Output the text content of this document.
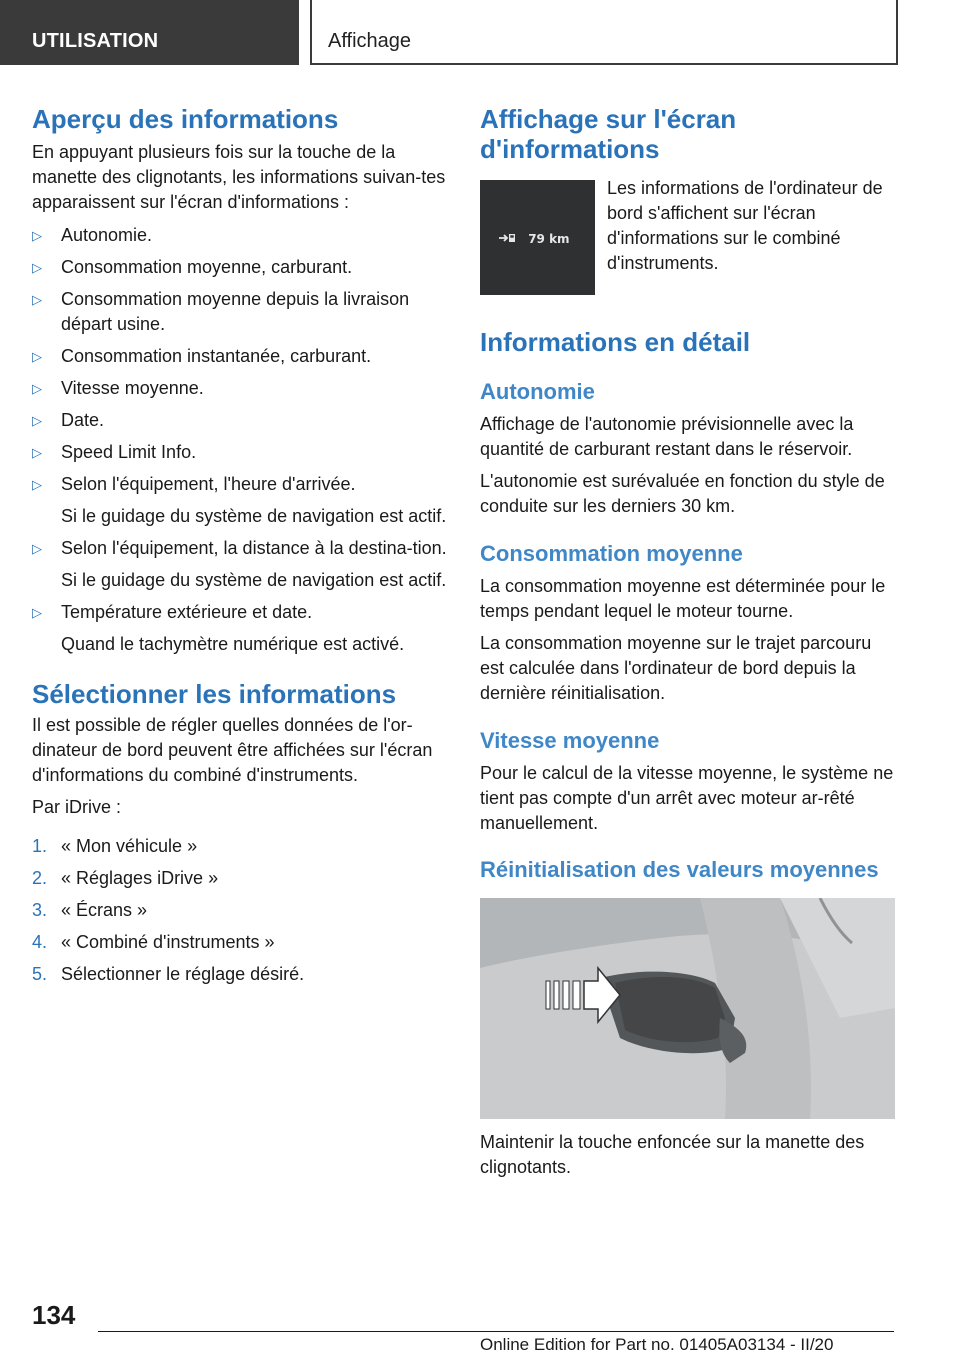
UTILISATION	Affichage
Aperçu des informations

En appuyant plusieurs fois sur la touche de la manette des clignotants, les informations suivan-tes apparaissent sur l'écran d'informations :

▷ Autonomie.
▷ Consommation moyenne, carburant.
▷ Consommation moyenne depuis la livraison départ usine.
▷ Consommation instantanée, carburant.
▷ Vitesse moyenne.
▷ Date.
▷ Speed Limit Info.
▷ Selon l'équipement, l'heure d'arrivée.
Si le guidage du système de navigation est actif.
▷ Selon l'équipement, la distance à la destina-tion.
Si le guidage du système de navigation est actif.
▷ Température extérieure et date.
Quand le tachymètre numérique est activé.
Sélectionner les informations

Il est possible de régler quelles données de l'or-dinateur de bord peuvent être affichées sur l'écran d'informations du combiné d'instruments.

Par iDrive :

1. « Mon véhicule »
2. « Réglages iDrive »
3. « Écrans »
4. « Combiné d'instruments »
5. Sélectionner le réglage désiré.
Affichage sur l'écran d'informations
79 km

Les informations de l'ordinateur de bord s'affichent sur l'écran d'informations sur le combiné d'instruments.

Informations en détail
Autonomie

Affichage de l'autonomie prévisionnelle avec la quantité de carburant restant dans le réservoir.

L'autonomie est surévaluée en fonction du style de conduite sur les derniers 30 km.

Consommation moyenne

La consommation moyenne est déterminée pour le temps pendant lequel le moteur tourne.

La consommation moyenne sur le trajet parcouru est calculée dans l'ordinateur de bord depuis la dernière réinitialisation.

Vitesse moyenne

Pour le calcul de la vitesse moyenne, le système ne tient pas compte d'un arrêt avec moteur ar-rêté manuellement.

Réinitialisation des valeurs moyennes

Maintenir la touche enfoncée sur la manette des clignotants.

134
Online Edition for Part no. 01405A03134 - II/20
